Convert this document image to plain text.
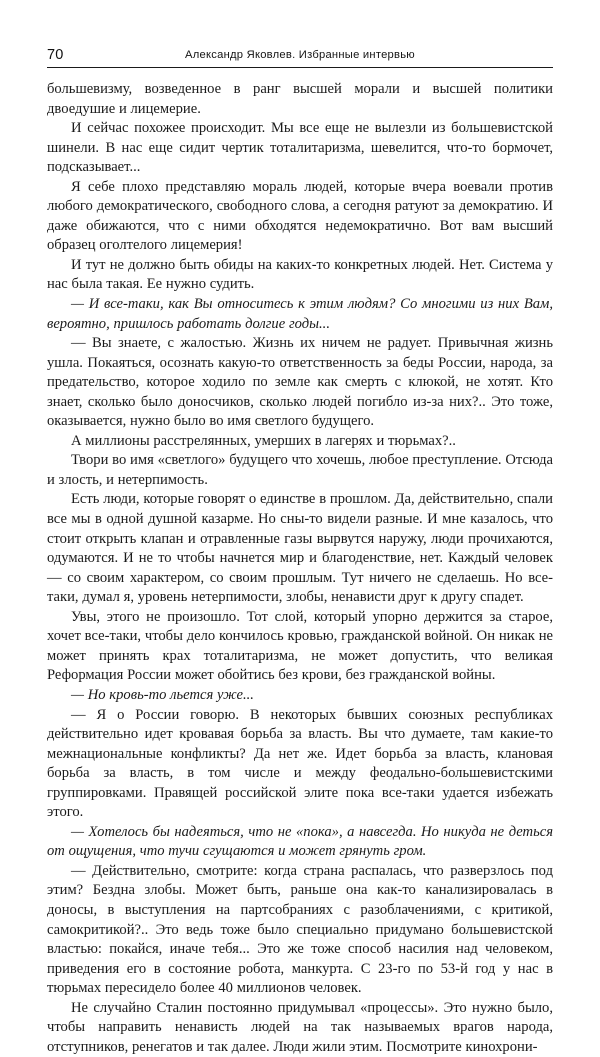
70	Александр Яковлев. Избранные интервью

большевизму, возведенное в ранг высшей морали и высшей политики двоедушие и лицемерие.

И сейчас похожее происходит. Мы все еще не вылезли из большевистской шинели. В нас еще сидит чертик тоталитаризма, шевелится, что-то бормочет, подсказывает...

Я себе плохо представляю мораль людей, которые вчера воевали против любого демократического, свободного слова, а сегодня ратуют за демократию. И даже обижаются, что с ними обходятся недемократично. Вот вам высший образец оголтелого лицемерия!

И тут не должно быть обиды на каких-то конкретных людей. Нет. Система у нас была такая. Ее нужно судить.

— И все-таки, как Вы относитесь к этим людям? Со многими из них Вам, вероятно, пришлось работать долгие годы...

— Вы знаете, с жалостью. Жизнь их ничем не радует. Привычная жизнь ушла. Покаяться, осознать какую-то ответственность за беды России, народа, за предательство, которое ходило по земле как смерть с клюкой, не хотят. Кто знает, сколько было доносчиков, сколько людей погибло из-за них?.. Это тоже, оказывается, нужно было во имя светлого будущего.

А миллионы расстрелянных, умерших в лагерях и тюрьмах?..

Твори во имя «светлого» будущего что хочешь, любое преступление. Отсюда и злость, и нетерпимость.

Есть люди, которые говорят о единстве в прошлом. Да, действительно, спали все мы в одной душной казарме. Но сны-то видели разные. И мне казалось, что стоит открыть клапан и отравленные газы вырвутся наружу, люди прочихаются, одумаются. И не то чтобы начнется мир и благоденствие, нет. Каждый человек — со своим характером, со своим прошлым. Тут ничего не сделаешь. Но все-таки, думал я, уровень нетерпимости, злобы, ненависти друг к другу спадет.

Увы, этого не произошло. Тот слой, который упорно держится за старое, хочет все-таки, чтобы дело кончилось кровью, гражданской войной. Он никак не может принять крах тоталитаризма, не может допустить, что великая Реформация России может обойтись без крови, без гражданской войны.

— Но кровь-то льется уже...

— Я о России говорю. В некоторых бывших союзных республиках действительно идет кровавая борьба за власть. Вы что думаете, там какие-то межнациональные конфликты? Да нет же. Идет борьба за власть, клановая борьба за власть, в том числе и между феодально-большевистскими группировками. Правящей российской элите пока все-таки удается избежать этого.

— Хотелось бы надеяться, что не «пока», а навсегда. Но никуда не деться от ощущения, что тучи сгущаются и может грянуть гром.

— Действительно, смотрите: когда страна распалась, что разверзлось под этим? Бездна злобы. Может быть, раньше она как-то канализировалась в доносы, в выступления на партсобраниях с разоблачениями, с критикой, самокритикой?.. Это ведь тоже было специально придумано большевистской властью: покайся, иначе тебя... Это же тоже способ насилия над человеком, приведения его в состояние робота, манкурта. С 23-го по 53-й год у нас в тюрьмах пересидело более 40 миллионов человек.

Не случайно Сталин постоянно придумывал «процессы». Это нужно было, чтобы направить ненависть людей на так называемых врагов народа, отступников, ренегатов и так далее. Люди жили этим. Посмотрите кинохрони-
